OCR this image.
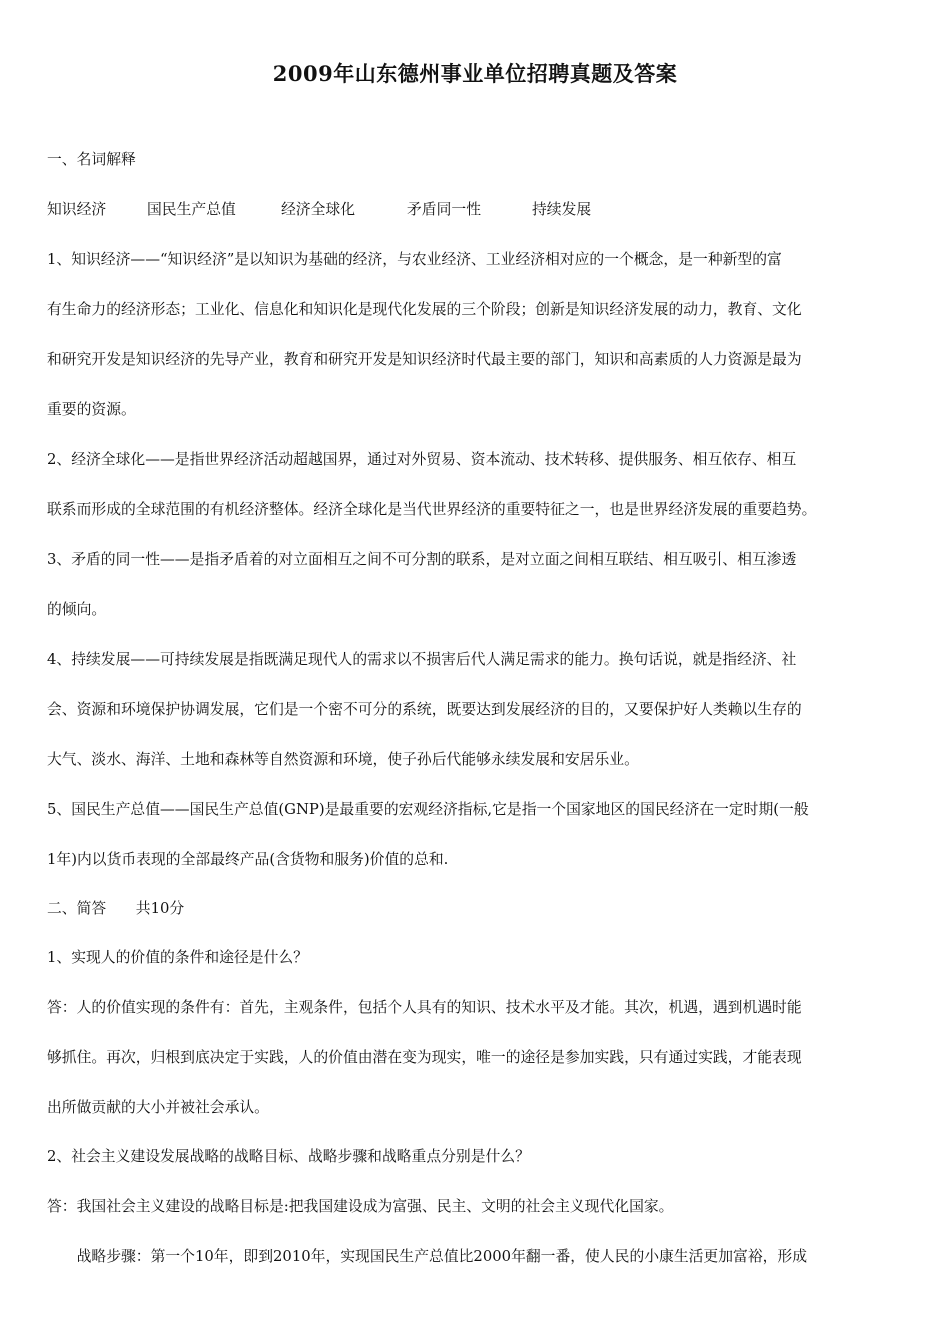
2009年山东德州事业单位招聘真题及答案
一、名词解释
知识经济	国民生产总值	经济全球化	矛盾同一性	持续发展
1、知识经济——“知识经济”是以知识为基础的经济，与农业经济、工业经济相对应的一个概念，是一种新型的富
有生命力的经济形态；工业化、信息化和知识化是现代化发展的三个阶段；创新是知识经济发展的动力，教育、文化
和研究开发是知识经济的先导产业，教育和研究开发是知识经济时代最主要的部门，知识和高素质的人力资源是最为
重要的资源。
2、经济全球化——是指世界经济活动超越国界，通过对外贸易、资本流动、技术转移、提供服务、相互依存、相互
联系而形成的全球范围的有机经济整体。经济全球化是当代世界经济的重要特征之一，也是世界经济发展的重要趋势。
3、矛盾的同一性——是指矛盾着的对立面相互之间不可分割的联系，是对立面之间相互联结、相互吸引、相互渗透
的倾向。
4、持续发展——可持续发展是指既满足现代人的需求以不损害后代人满足需求的能力。换句话说，就是指经济、社
会、资源和环境保护协调发展，它们是一个密不可分的系统，既要达到发展经济的目的，又要保护好人类赖以生存的
大气、淡水、海洋、土地和森林等自然资源和环境，使子孙后代能够永续发展和安居乐业。
5、国民生产总值——国民生产总值(GNP)是最重要的宏观经济指标,它是指一个国家地区的国民经济在一定时期(一般
1年)内以货币表现的全部最终产品(含货物和服务)价值的总和.
二、简答　　共10分
1、实现人的价值的条件和途径是什么？
答：人的价值实现的条件有：首先，主观条件，包括个人具有的知识、技术水平及才能。其次，机遇，遇到机遇时能
够抓住。再次，归根到底决定于实践，人的价值由潜在变为现实，唯一的途径是参加实践，只有通过实践，才能表现
出所做贡献的大小并被社会承认。
2、社会主义建设发展战略的战略目标、战略步骤和战略重点分别是什么？
答：我国社会主义建设的战略目标是:把我国建设成为富强、民主、文明的社会主义现代化国家。
　　战略步骤：第一个10年，即到2010年，实现国民生产总值比2000年翻一番，使人民的小康生活更加富裕，形成
